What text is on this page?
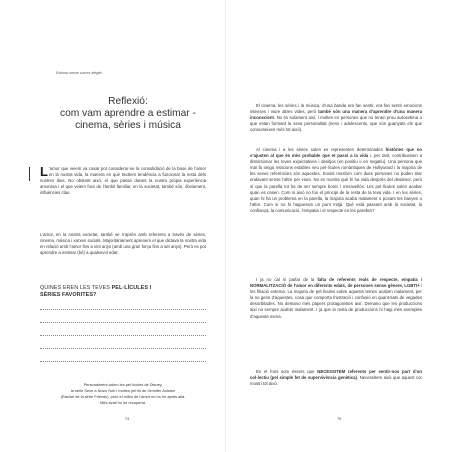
Estimar sense sucres afegits
Reflexió:
com vam aprendre a estimar -
cinema, sèries i música

L ’amor que veiem va casar pot considerar-se la consolidació de la base de l’amor en la nostra vida, la manera en què tindrem tendència a funcionar la resta dels nostres dies. No obstant això, el que passa durant la nostra pròpia experiència amorosa i el que veiem fora de l’àmbit familiar, en la societat, també són, òbviament, influències clau.

L’amor, en la nostra societat, també se n’aprèn amb referents a través de sèries, cinema, música i xarxes socials. Majoritàriament aprenem el que dictava la nostra vida en relació amb l’amor fins a vint anys (amb una gran força fins a set anys). Però es pot aprendre a estimar (bé) a qualsevol edat.

QUINES EREN LES TEVES PEL·LÍCULES I SÈRIES FAVORITES?
Personalment adoro les pel·lícules de Disney,
la sèrie Sexe a Nova York i moltes pel·lis de Jennifer Aniston
(Rachel de la sèrie Friends), però el millor de l’amor no ho he après allà.
Més avall ho he recuperat.
74	75

El cinema, les sèries i la música, d’una banda era fan sentir, era fan sentir emocions intenses i viure altres vides, però també són una manera d’aprendre d’una manera inconscient. No és solament així, i moltes en persones que no tenen prou autoestima o que estan formant la seva personalitat (nens i adolescents, que són guanyats els que consumeixen més tot això).

Al cinema i a les sèries solen es representen determinades històries que no s’ajusten al que és més probable que et passi a la vida i, per tant, contribueixen a distorsionar les teves expectatives i desitjos (en positiu o en negatiu). Una persona que mai fa ningú relacions estables veu pel·lícules romàntiques de Hollywood i la majoria de les seves referències són aquestes. Sovint mostren com dues persones no poden tirar endavant sense l’altre per viure. No es mostra què hi ha vida després del desamor, però sí que la parella tot ha de ser sempre bonic i meravellós. Les pel·lícules solen acabar quan es casen. Com si això no fos el principi de la resta de la teva vida. I en les sèries, quan hi ha un problema en la parella, la majoria acaba malament o posant les banyes o l’altre. Com si no hi haguessin un punt mitjà. Què està passant amb la societat, la confiança, la comunicació, l’empatia i el respecte en les parelles?

I ja no cal ni parlar de la falta de referents reals de respecte, empatia i NORMALITZACIÓ de l’amor en diferents edats, de persones sense gènere, LGBTI+ i les filiació externa. La majoria de pel·lícules sobre aquests temes acaben malament, per la no gens d’aquestes, cosa que comporta frustració i confusió en quant-tiats de vegades desorbitades. No demano més papers protagonistes així. Demano que les produccions així no sempre acabin malament. I ja que la resta de produccions hi hagi més exemples d’aquesta mena.

En el fons som éssers que NECESSITEM referents per sentir-nos part d’un col·lectiu (pel simple fet de supervivència genètica). Necessitem això que aquest cor mostri tot això.
